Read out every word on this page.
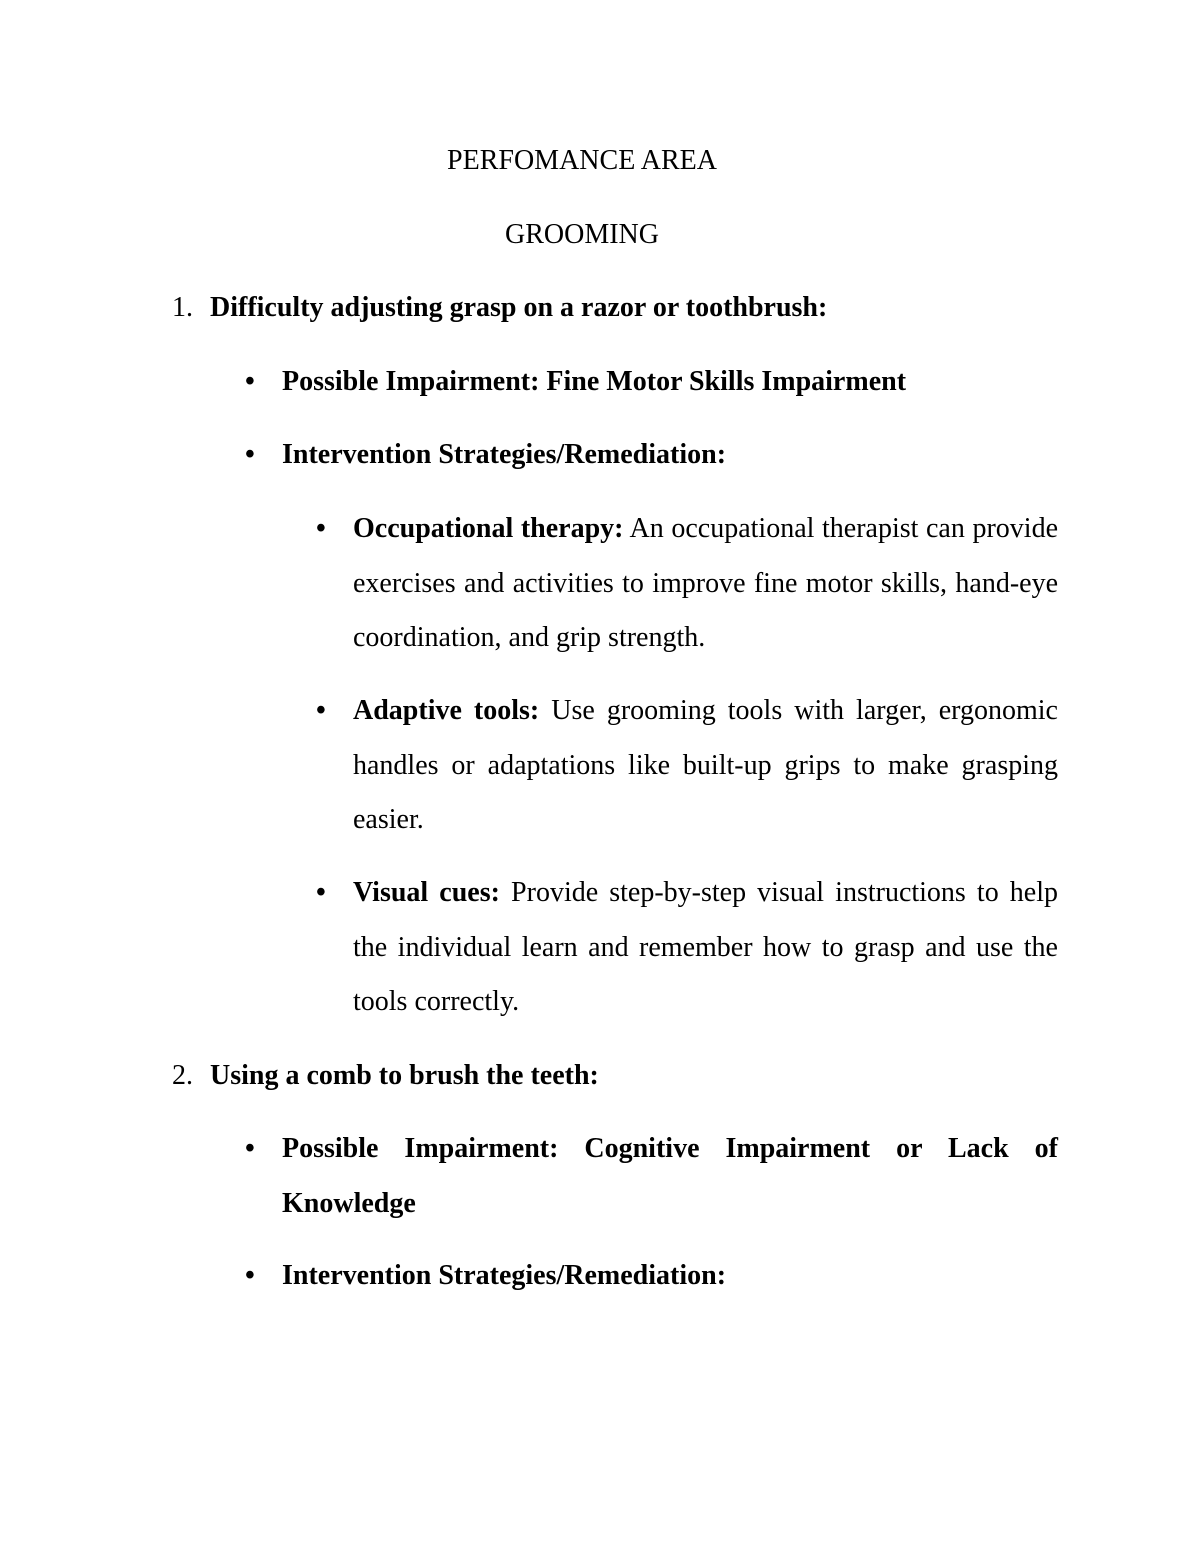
PERFOMANCE AREA
GROOMING
1. Difficulty adjusting grasp on a razor or toothbrush:
• Possible Impairment: Fine Motor Skills Impairment
• Intervention Strategies/Remediation:
• Occupational therapy: An occupational therapist can provide exercises and activities to improve fine motor skills, hand-eye coordination, and grip strength.
• Adaptive tools: Use grooming tools with larger, ergonomic handles or adaptations like built-up grips to make grasping easier.
• Visual cues: Provide step-by-step visual instructions to help the individual learn and remember how to grasp and use the tools correctly.
2. Using a comb to brush the teeth:
• Possible Impairment: Cognitive Impairment or Lack of Knowledge
• Intervention Strategies/Remediation:
